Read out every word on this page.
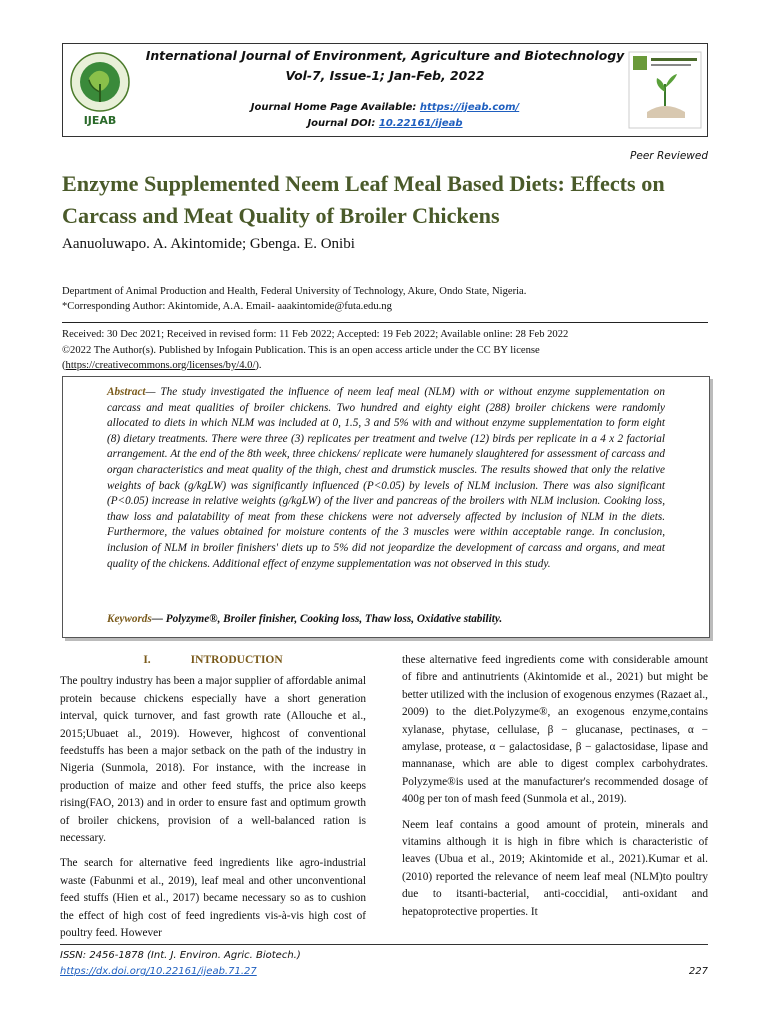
IJEAB
International Journal of Environment, Agriculture and Biotechnology
Vol-7, Issue-1; Jan-Feb, 2022
Journal Home Page Available: https://ijeab.com/
Journal DOI: 10.22161/ijeab
Peer Reviewed
Enzyme Supplemented Neem Leaf Meal Based Diets: Effects on Carcass and Meat Quality of Broiler Chickens
Aanuoluwapo. A. Akintomide; Gbenga. E. Onibi
Department of Animal Production and Health, Federal University of Technology, Akure, Ondo State, Nigeria.
*Corresponding Author: Akintomide, A.A. Email- aaakintomide@futa.edu.ng
Received: 30 Dec 2021; Received in revised form: 11 Feb 2022; Accepted: 19 Feb 2022; Available online: 28 Feb 2022
©2022 The Author(s). Published by Infogain Publication. This is an open access article under the CC BY license
(https://creativecommons.org/licenses/by/4.0/).
Abstract— The study investigated the influence of neem leaf meal (NLM) with or without enzyme supplementation on carcass and meat qualities of broiler chickens. Two hundred and eighty eight (288) broiler chickens were randomly allocated to diets in which NLM was included at 0, 1.5, 3 and 5% with and without enzyme supplementation to form eight (8) dietary treatments. There were three (3) replicates per treatment and twelve (12) birds per replicate in a 4 x 2 factorial arrangement. At the end of the 8th week, three chickens/ replicate were humanely slaughtered for assessment of carcass and organ characteristics and meat quality of the thigh, chest and drumstick muscles. The results showed that only the relative weights of back (g/kgLW) was significantly influenced (P<0.05) by levels of NLM inclusion. There was also significant (P<0.05) increase in relative weights (g/kgLW) of the liver and pancreas of the broilers with NLM inclusion. Cooking loss, thaw loss and palatability of meat from these chickens were not adversely affected by inclusion of NLM in the diets. Furthermore, the values obtained for moisture contents of the 3 muscles were within acceptable range. In conclusion, inclusion of NLM in broiler finishers' diets up to 5% did not jeopardize the development of carcass and organs, and meat quality of the chickens. Additional effect of enzyme supplementation was not observed in this study.
Keywords— Polyzyme®, Broiler finisher, Cooking loss, Thaw loss, Oxidative stability.
I.	INTRODUCTION

The poultry industry has been a major supplier of affordable animal protein because chickens especially have a short generation interval, quick turnover, and fast growth rate (Allouche et al., 2015;Ubuaet al., 2019). However, highcost of conventional feedstuffs has been a major setback on the path of the industry in Nigeria (Sunmola, 2018). For instance, with the increase in production of maize and other feed stuffs, the price also keeps rising(FAO, 2013) and in order to ensure fast and optimum growth of broiler chickens, provision of a well-balanced ration is necessary.

The search for alternative feed ingredients like agro-industrial waste (Fabunmi et al., 2019), leaf meal and other unconventional feed stuffs (Hien et al., 2017) became necessary so as to cushion the effect of high cost of feed ingredients vis-à-vis high cost of poultry feed. However

these alternative feed ingredients come with considerable amount of fibre and antinutrients (Akintomide et al., 2021) but might be better utilized with the inclusion of exogenous enzymes (Razaet al., 2009) to the diet.Polyzyme®, an exogenous enzyme,contains xylanase, phytase, cellulase, β − glucanase, pectinases, α − amylase, protease, α − galactosidase, β − galactosidase, lipase and mannanase, which are able to digest complex carbohydrates. Polyzyme®is used at the manufacturer's recommended dosage of 400g per ton of mash feed (Sunmola et al., 2019).

Neem leaf contains a good amount of protein, minerals and vitamins although it is high in fibre which is characteristic of leaves (Ubua et al., 2019; Akintomide et al., 2021).Kumar et al.(2010) reported the relevance of neem leaf meal (NLM)to poultry due to itsanti-bacterial, anti-coccidial, anti-oxidant and hepatoprotective properties. It

ISSN: 2456-1878 (Int. J. Environ. Agric. Biotech.)
https://dx.doi.org/10.22161/ijeab.71.27	227
